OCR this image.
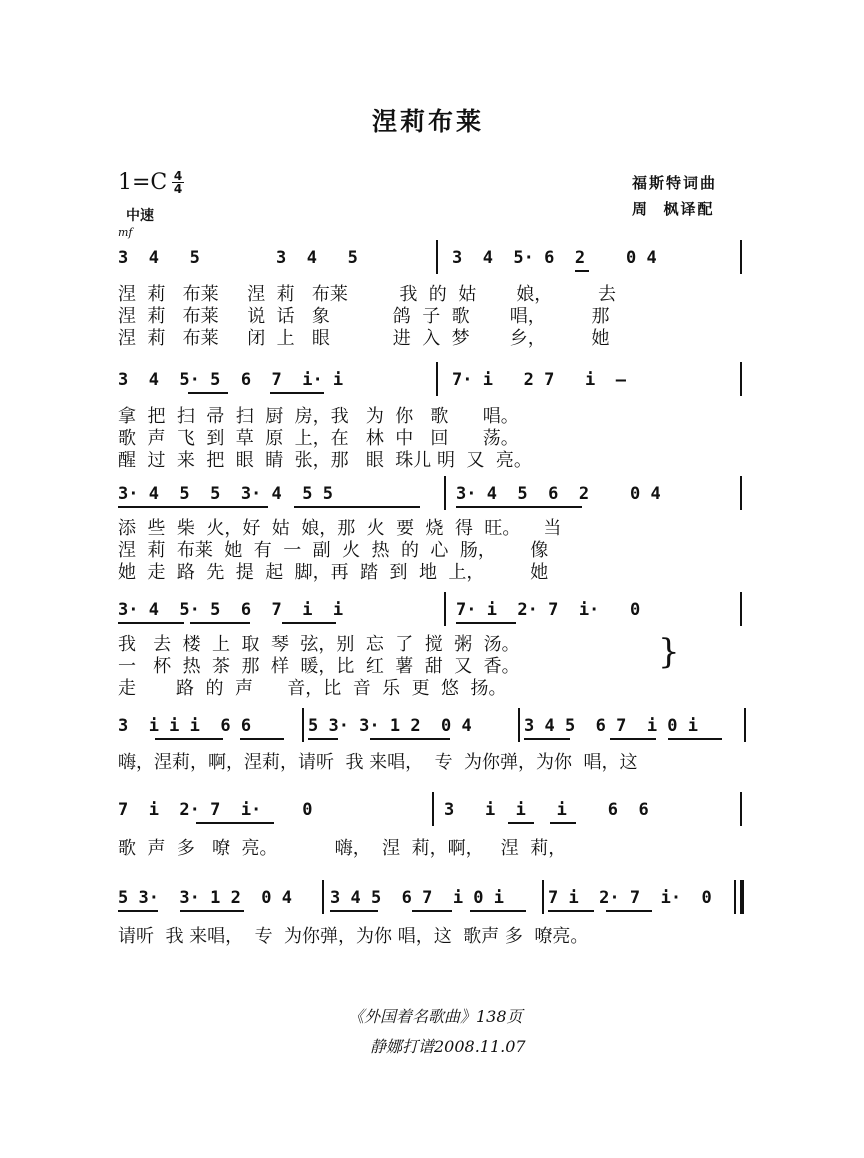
涅莉布莱
1=C 4
4	福斯特词曲
周  枫译配
中速
mf
3  4   5	3  4   5	3  4  5· 6  2    0 4
涅  莉   布莱     涅  莉   布莱         我  的  姑       娘，        去
涅  莉   布莱     说  话   象           鸽  子  歌       唱，        那
涅  莉   布莱     闭  上   眼           进  入  梦       乡，        她
3  4  5· 5  6  7  i· i	7· i   2 7   i  –
拿  把  扫  帚  扫  厨  房，我   为  你   歌      唱。
歌  声  飞  到  草  原  上，在   林  中   回      荡。
醒  过  来  把  眼  睛  张，那   眼  珠儿 明  又  亮。
3· 4  5  5  3· 4  5 5	3· 4  5  6  2    0 4
添  些  柴  火，好  姑  娘，那  火  要  烧  得  旺。    当
涅  莉  布莱  她  有  一  副  火  热  的  心  肠，      像
她  走  路  先  提  起  脚，再  踏  到  地  上，        她
3· 4  5· 5  6  7  i  i	7· i  2· 7  i·   0
我   去  楼  上  取  琴  弦，别  忘  了  搅  粥  汤。
一   杯  热  茶  那  样  暖，比  红  薯  甜  又  香。
走       路  的  声      音，比  音  乐  更  悠  扬。
}
3  i i i  6 6	5 3· 3· 1 2  0 4	3 4 5  6 7  i 0 i
嗨，涅莉，啊，涅莉，请听  我 来唱，  专  为你弹，为你  唱，这
7  i  2· 7  i·    0	3   i  i   i    6  6
歌  声  多   嘹  亮。          嗨，  涅  莉，啊，   涅  莉，
5 3·  3· 1 2  0 4 3 4 5  6 7  i 0 i	7 i  2· 7  i·  0
请听  我 来唱，  专  为你弹，为你 唱，这  歌声 多  嘹亮。
《外国着名歌曲》138页
静娜打谱2008.11.07
